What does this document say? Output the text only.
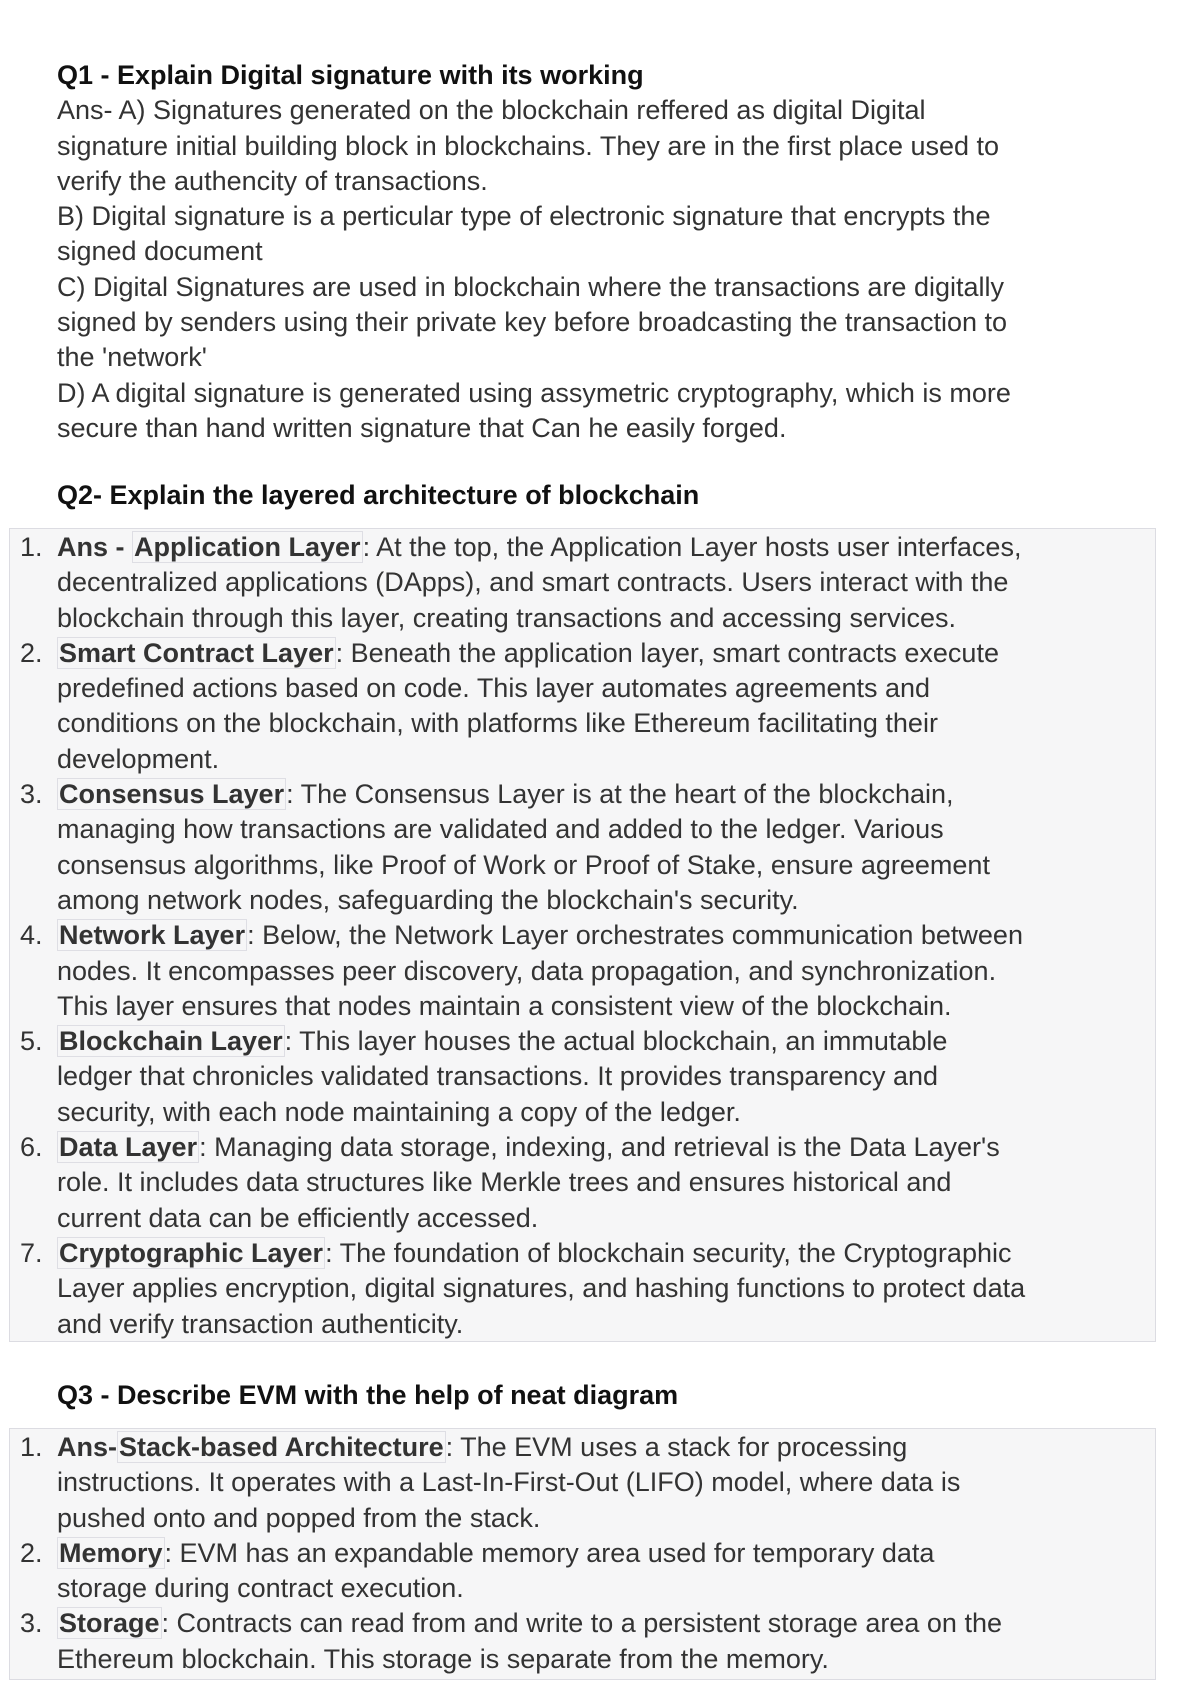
Q1 - Explain Digital signature with its working
Ans- A) Signatures generated on the blockchain reffered as digital Digital
signature initial building block in blockchains. They are in the first place used to
verify the authencity of transactions.
B) Digital signature is a perticular type of electronic signature that encrypts the
signed document
C) Digital Signatures are used in blockchain where the transactions are digitally
signed by senders using their private key before broadcasting the transaction to
the 'network'
D) A digital signature is generated using assymetric cryptography, which is more
secure than hand written signature that Can he easily forged.
Q2- Explain the layered architecture of blockchain
1. Ans - Application Layer: At the top, the Application Layer hosts user interfaces,
decentralized applications (DApps), and smart contracts. Users interact with the
blockchain through this layer, creating transactions and accessing services.
2. Smart Contract Layer: Beneath the application layer, smart contracts execute
predefined actions based on code. This layer automates agreements and
conditions on the blockchain, with platforms like Ethereum facilitating their
development.
3. Consensus Layer: The Consensus Layer is at the heart of the blockchain,
managing how transactions are validated and added to the ledger. Various
consensus algorithms, like Proof of Work or Proof of Stake, ensure agreement
among network nodes, safeguarding the blockchain's security.
4. Network Layer: Below, the Network Layer orchestrates communication between
nodes. It encompasses peer discovery, data propagation, and synchronization.
This layer ensures that nodes maintain a consistent view of the blockchain.
5. Blockchain Layer: This layer houses the actual blockchain, an immutable
ledger that chronicles validated transactions. It provides transparency and
security, with each node maintaining a copy of the ledger.
6. Data Layer: Managing data storage, indexing, and retrieval is the Data Layer's
role. It includes data structures like Merkle trees and ensures historical and
current data can be efficiently accessed.
7. Cryptographic Layer: The foundation of blockchain security, the Cryptographic
Layer applies encryption, digital signatures, and hashing functions to protect data
and verify transaction authenticity.
Q3 - Describe EVM with the help of neat diagram
1. Ans-Stack-based Architecture: The EVM uses a stack for processing
instructions. It operates with a Last-In-First-Out (LIFO) model, where data is
pushed onto and popped from the stack.
2. Memory: EVM has an expandable memory area used for temporary data
storage during contract execution.
3. Storage: Contracts can read from and write to a persistent storage area on the
Ethereum blockchain. This storage is separate from the memory.
